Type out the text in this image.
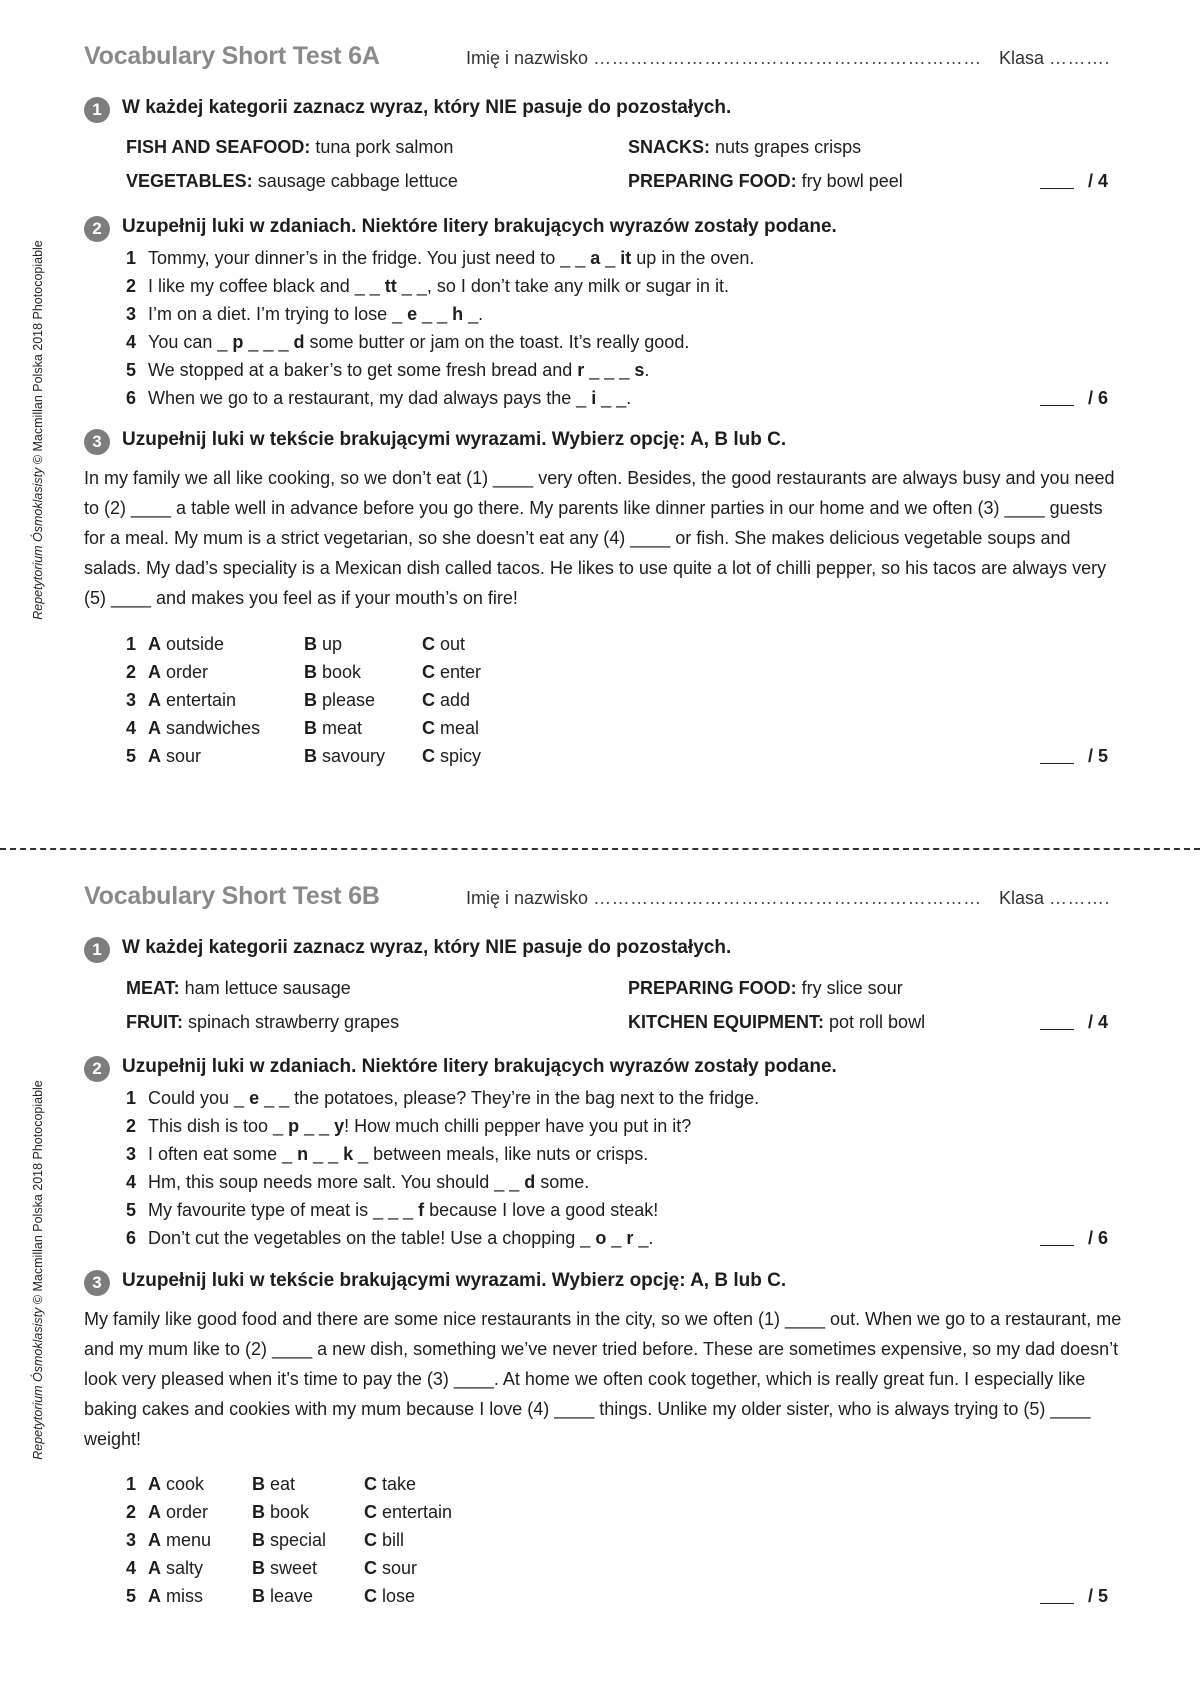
Repetytorium Ósmoklasisty © Macmillan Polska 2018 Photocopiable
Repetytorium Ósmoklasisty © Macmillan Polska 2018 Photocopiable
Vocabulary Short Test 6A	Imię i nazwisko ……………………………………………………… Klasa ……….
1 W każdej kategorii zaznacz wyraz, który NIE pasuje do pozostałych.
FISH AND SEAFOOD: tuna pork salmon	SNACKS: nuts grapes crisps
VEGETABLES: sausage cabbage lettuce	PREPARING FOOD: fry bowl peel	/ 4
2 Uzupełnij luki w zdaniach. Niektóre litery brakujących wyrazów zostały podane.
1 Tommy, your dinner’s in the fridge. You just need to _ _ a _ it up in the oven.
2 I like my coffee black and _ _ tt _ _, so I don’t take any milk or sugar in it.
3 I’m on a diet. I’m trying to lose _ e _ _ h _.
4 You can _ p _ _ _ d some butter or jam on the toast. It’s really good.
5 We stopped at a baker’s to get some fresh bread and r _ _ _ s.
6 When we go to a restaurant, my dad always pays the _ i _ _.	/ 6
3 Uzupełnij luki w tekście brakującymi wyrazami. Wybierz opcję: A, B lub C.
In my family we all like cooking, so we don’t eat (1) ____ very often. Besides, the good restaurants are always busy and you need to (2) ____ a table well in advance before you go there. My parents like dinner parties in our home and we often (3) ____ guests for a meal. My mum is a strict vegetarian, so she doesn’t eat any (4) ____ or fish. She makes delicious vegetable soups and salads. My dad’s speciality is a Mexican dish called tacos. He likes to use quite a lot of chilli pepper, so his tacos are always very (5) ____ and makes you feel as if your mouth’s on fire!
1 A outside	B up	C out
2 A order	B book	C enter
3 A entertain	B please	C add
4 A sandwiches B meat	C meal
5 A sour	B savoury C spicy	/ 5
Vocabulary Short Test 6B	Imię i nazwisko ……………………………………………………… Klasa ……….
1 W każdej kategorii zaznacz wyraz, który NIE pasuje do pozostałych.
MEAT: ham lettuce sausage	PREPARING FOOD: fry slice sour
FRUIT: spinach strawberry grapes	KITCHEN EQUIPMENT: pot roll bowl	/ 4
2 Uzupełnij luki w zdaniach. Niektóre litery brakujących wyrazów zostały podane.
1 Could you _ e _ _ the potatoes, please? They’re in the bag next to the fridge.
2 This dish is too _ p _ _ y! How much chilli pepper have you put in it?
3 I often eat some _ n _ _ k _ between meals, like nuts or crisps.
4 Hm, this soup needs more salt. You should _ _ d some.
5 My favourite type of meat is _ _ _ f because I love a good steak!
6 Don’t cut the vegetables on the table! Use a chopping _ o _ r _.	/ 6
3 Uzupełnij luki w tekście brakującymi wyrazami. Wybierz opcję: A, B lub C.
My family like good food and there are some nice restaurants in the city, so we often (1) ____ out. When we go to a restaurant, me and my mum like to (2) ____ a new dish, something we’ve never tried before. These are sometimes expensive, so my dad doesn’t look very pleased when it’s time to pay the (3) ____. At home we often cook together, which is really great fun. I especially like baking cakes and cookies with my mum because I love (4) ____ things. Unlike my older sister, who is always trying to (5) ____ weight!
1 A cook	B eat	C take
2 A order B book	C entertain
3 A menu B special C bill
4 A salty	B sweet	C sour
5 A miss	B leave	C lose	/ 5
